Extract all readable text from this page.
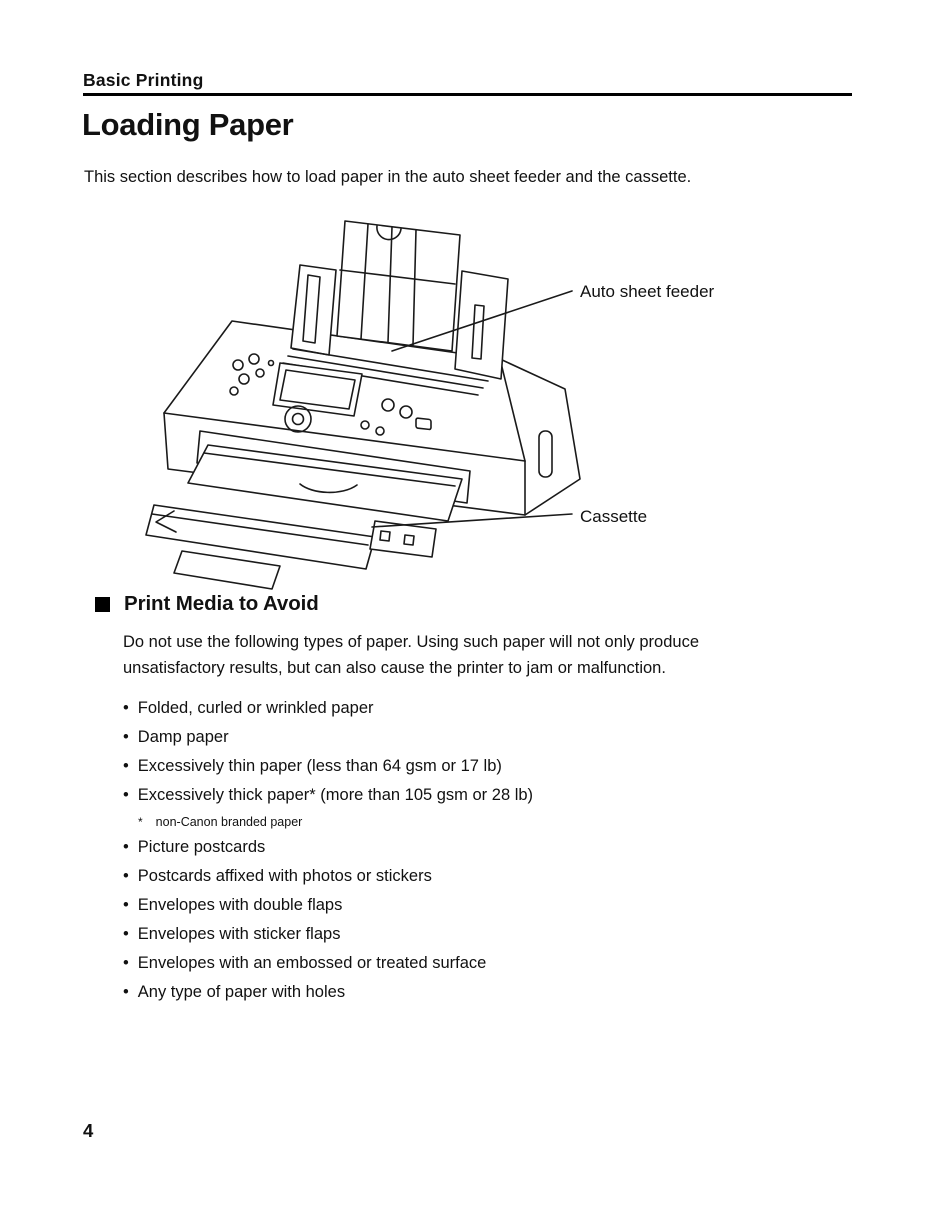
Basic Printing
Loading Paper
This section describes how to load paper in the auto sheet feeder and the cassette.
Auto sheet feeder
Cassette
Print Media to Avoid
Do not use the following types of paper. Using such paper will not only produce unsatisfactory results, but can also cause the printer to jam or malfunction.
• Folded, curled or wrinkled paper
• Damp paper
• Excessively thin paper (less than 64 gsm or 17 lb)
• Excessively thick paper* (more than 105 gsm or 28 lb)
* non-Canon branded paper
• Picture postcards
• Postcards affixed with photos or stickers
• Envelopes with double flaps
• Envelopes with sticker flaps
• Envelopes with an embossed or treated surface
• Any type of paper with holes
4
